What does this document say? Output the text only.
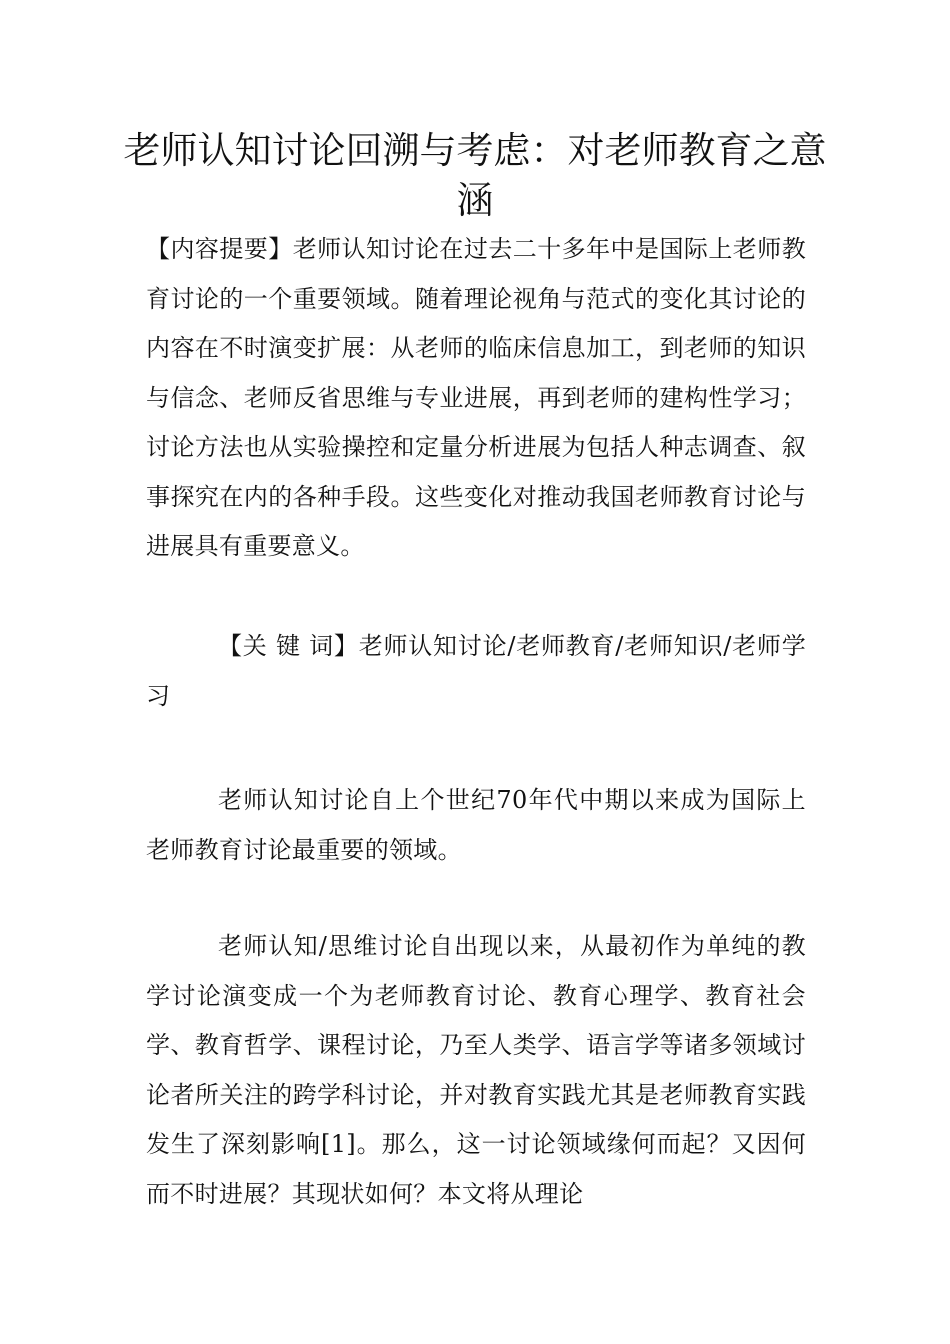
老师认知讨论回溯与考虑：对老师教育之意涵

【内容提要】老师认知讨论在过去二十多年中是国际上老师教育讨论的一个重要领域。随着理论视角与范式的变化其讨论的内容在不时演变扩展：从老师的临床信息加工，到老师的知识与信念、老师反省思维与专业进展，再到老师的建构性学习；讨论方法也从实验操控和定量分析进展为包括人种志调查、叙事探究在内的各种手段。这些变化对推动我国老师教育讨论与进展具有重要意义。

【关 键 词】老师认知讨论/老师教育/老师知识/老师学习

老师认知讨论自上个世纪70年代中期以来成为国际上老师教育讨论最重要的领域。

老师认知/思维讨论自出现以来，从最初作为单纯的教学讨论演变成一个为老师教育讨论、教育心理学、教育社会学、教育哲学、课程讨论，乃至人类学、语言学等诸多领域讨论者所关注的跨学科讨论，并对教育实践尤其是老师教育实践发生了深刻影响[1]。那么，这一讨论领域缘何而起？又因何而不时进展？其现状如何？本文将从理论
